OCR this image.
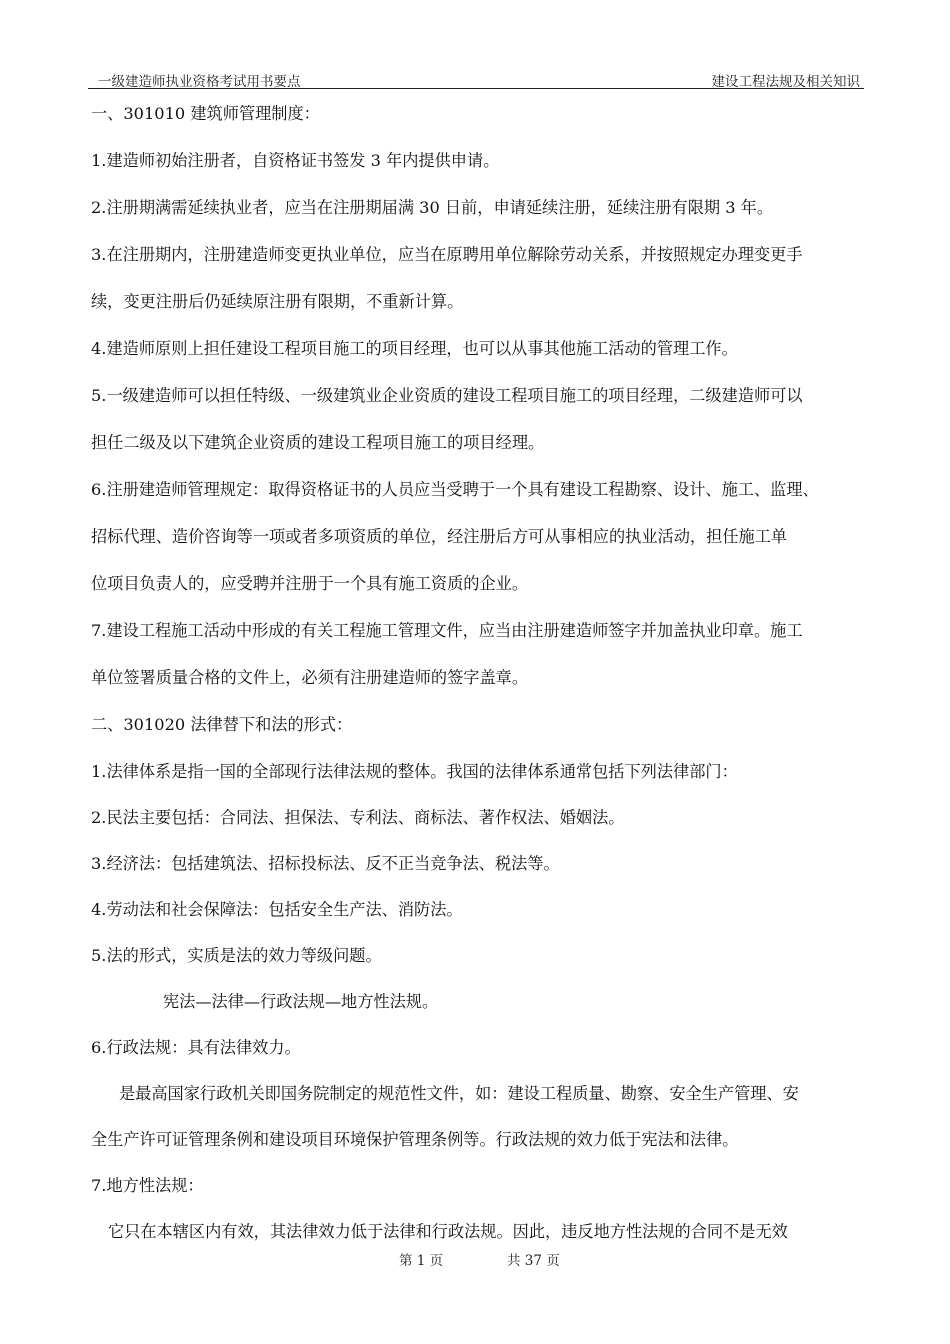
一级建造师执业资格考试用书要点	建设工程法规及相关知识
一、301010 建筑师管理制度：
1.建造师初始注册者，自资格证书签发 3 年内提供申请。
2.注册期满需延续执业者，应当在注册期届满 30 日前，申请延续注册，延续注册有限期 3 年。
3.在注册期内，注册建造师变更执业单位，应当在原聘用单位解除劳动关系，并按照规定办理变更手
续，变更注册后仍延续原注册有限期，不重新计算。
4.建造师原则上担任建设工程项目施工的项目经理，也可以从事其他施工活动的管理工作。
5.一级建造师可以担任特级、一级建筑业企业资质的建设工程项目施工的项目经理，二级建造师可以
担任二级及以下建筑企业资质的建设工程项目施工的项目经理。
6.注册建造师管理规定：取得资格证书的人员应当受聘于一个具有建设工程勘察、设计、施工、监理、
招标代理、造价咨询等一项或者多项资质的单位，经注册后方可从事相应的执业活动，担任施工单
位项目负责人的，应受聘并注册于一个具有施工资质的企业。
7.建设工程施工活动中形成的有关工程施工管理文件，应当由注册建造师签字并加盖执业印章。施工
单位签署质量合格的文件上，必须有注册建造师的签字盖章。
二、301020 法律替下和法的形式：
1.法律体系是指一国的全部现行法律法规的整体。我国的法律体系通常包括下列法律部门：
2.民法主要包括：合同法、担保法、专利法、商标法、著作权法、婚姻法。
3.经济法：包括建筑法、招标投标法、反不正当竞争法、税法等。
4.劳动法和社会保障法：包括安全生产法、消防法。
5.法的形式，实质是法的效力等级问题。
宪法—法律—行政法规—地方性法规。
6.行政法规：具有法律效力。
是最高国家行政机关即国务院制定的规范性文件，如：建设工程质量、勘察、安全生产管理、安
全生产许可证管理条例和建设项目环境保护管理条例等。行政法规的效力低于宪法和法律。
7.地方性法规：
它只在本辖区内有效，其法律效力低于法律和行政法规。因此，违反地方性法规的合同不是无效
第 1 页	共 37 页
